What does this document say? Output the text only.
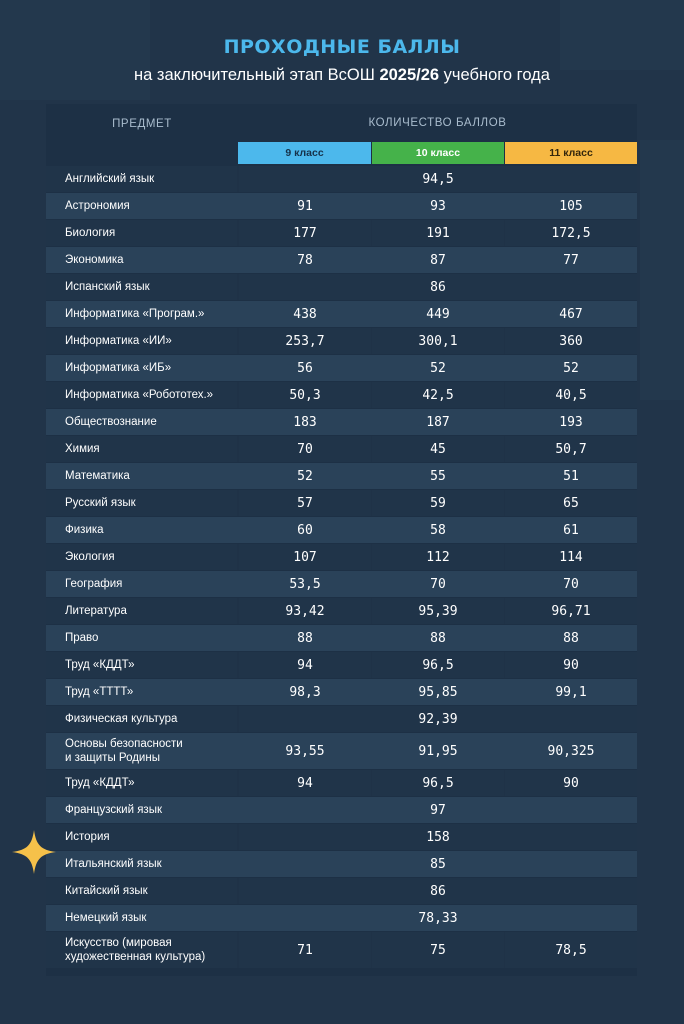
ПРОХОДНЫЕ БАЛЛЫ
на заключительный этап ВсОШ 2025/26 учебного года
ПРЕДМЕТ	КОЛИЧЕСТВО БАЛЛОВ
9 класс	10 класс	11 класс
Английский язык	94,5
Астрономия	91	93	105
Биология	177	191	172,5
Экономика	78	87	77
Испанский язык	86
Информатика «Програм.»	438	449	467
Информатика «ИИ»	253,7	300,1	360
Информатика «ИБ»	56	52	52
Информатика «Робототех.»	50,3	42,5	40,5
Обществознание	183	187	193
Химия	70	45	50,7
Математика	52	55	51
Русский язык	57	59	65
Физика	60	58	61
Экология	107	112	114
География	53,5	70	70
Литература	93,42	95,39	96,71
Право	88	88	88
Труд «КДДТ»	94	96,5	90
Труд «ТТТТ»	98,3	95,85	99,1
Физическая культура	92,39
Основы безопасности
и защиты Родины	93,55	91,95	90,325
Труд «КДДТ»	94	96,5	90
Французский язык	97
История	158
Итальянский язык	85
Китайский язык	86
Немецкий язык	78,33
Искусство (мировая
художественная культура)	71	75	78,5
